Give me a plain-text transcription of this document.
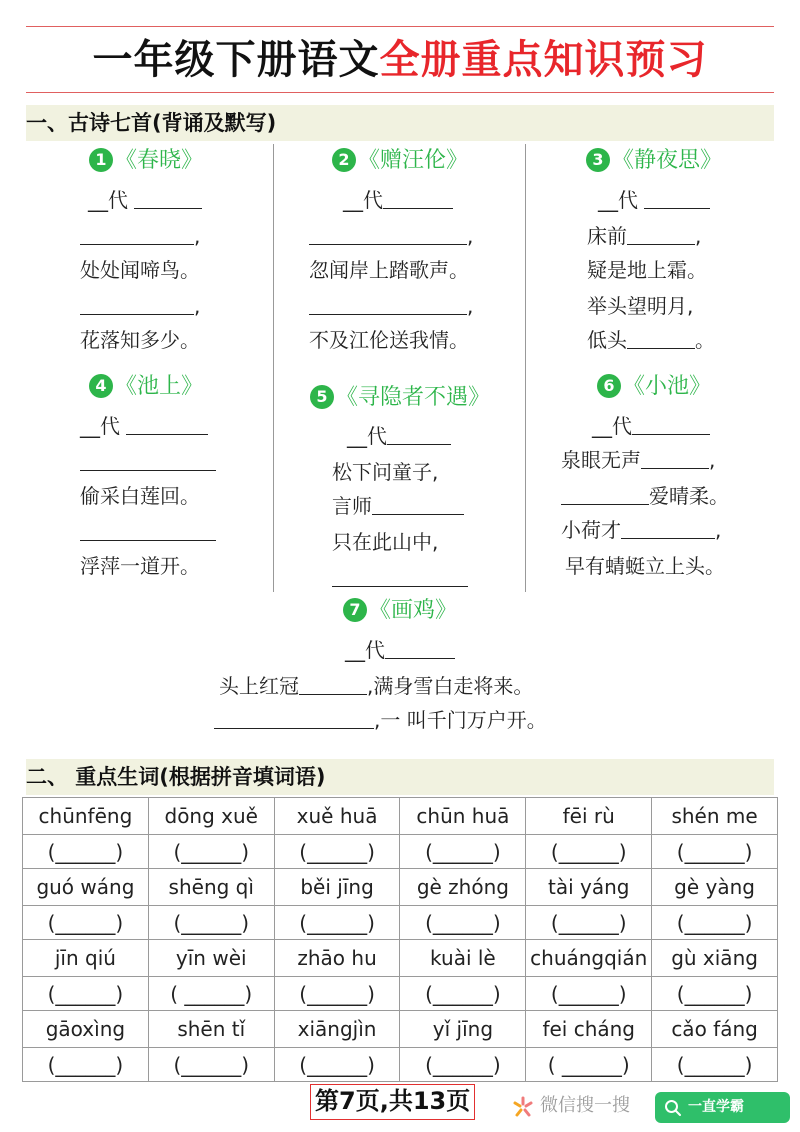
一年级下册语文全册重点知识预习
一、古诗七首(背诵及默写)
1 《春晓》
__代
,
处处闻啼鸟。
,
花落知多少。
2 《赠汪伦》
__代
,
忽闻岸上踏歌声。
,
不及江伦送我情。
3 《静夜思》
__代
床前	,
疑是地上霜。
举头望明月,
低头	。
4 《池上》
__代
偷采白莲回。
浮萍一道开。
5 《寻隐者不遇》
__代
松下问童子,
言师
只在此山中,
6 《小池》
__代
泉眼无声	,
爱晴柔。
小荷才	,
早有蜻蜓立上头。
7 《画鸡》
__代
头上红冠	,满身雪白走将来。
,一 叫千门万户开。
二、 重点生词(根据拼音填词语)
chūnfēng	dōng xuě	xuě huā	chūn huā	fēi rù	shén me
(______)	(______)	(______)	(______)	(______)	(______)
guó wáng	shēng qì	běi jīng	gè zhóng	tài yáng	gè yàng
(______)	(______)	(______)	(______)	(______)	(______)
jīn qiú	yīn wèi	zhāo hu	kuài lè	chuángqián	gù xiāng
(______)	( ______)	(______)	(______)	(______)	(______)
gāoxìng	shēn tǐ	xiāngjìn	yǐ jīng	fei cháng	cǎo fáng
(______)	(______)	(______)	(______)	( ______)	(______)
第7页,共13页	微信搜一搜	一直学霸
